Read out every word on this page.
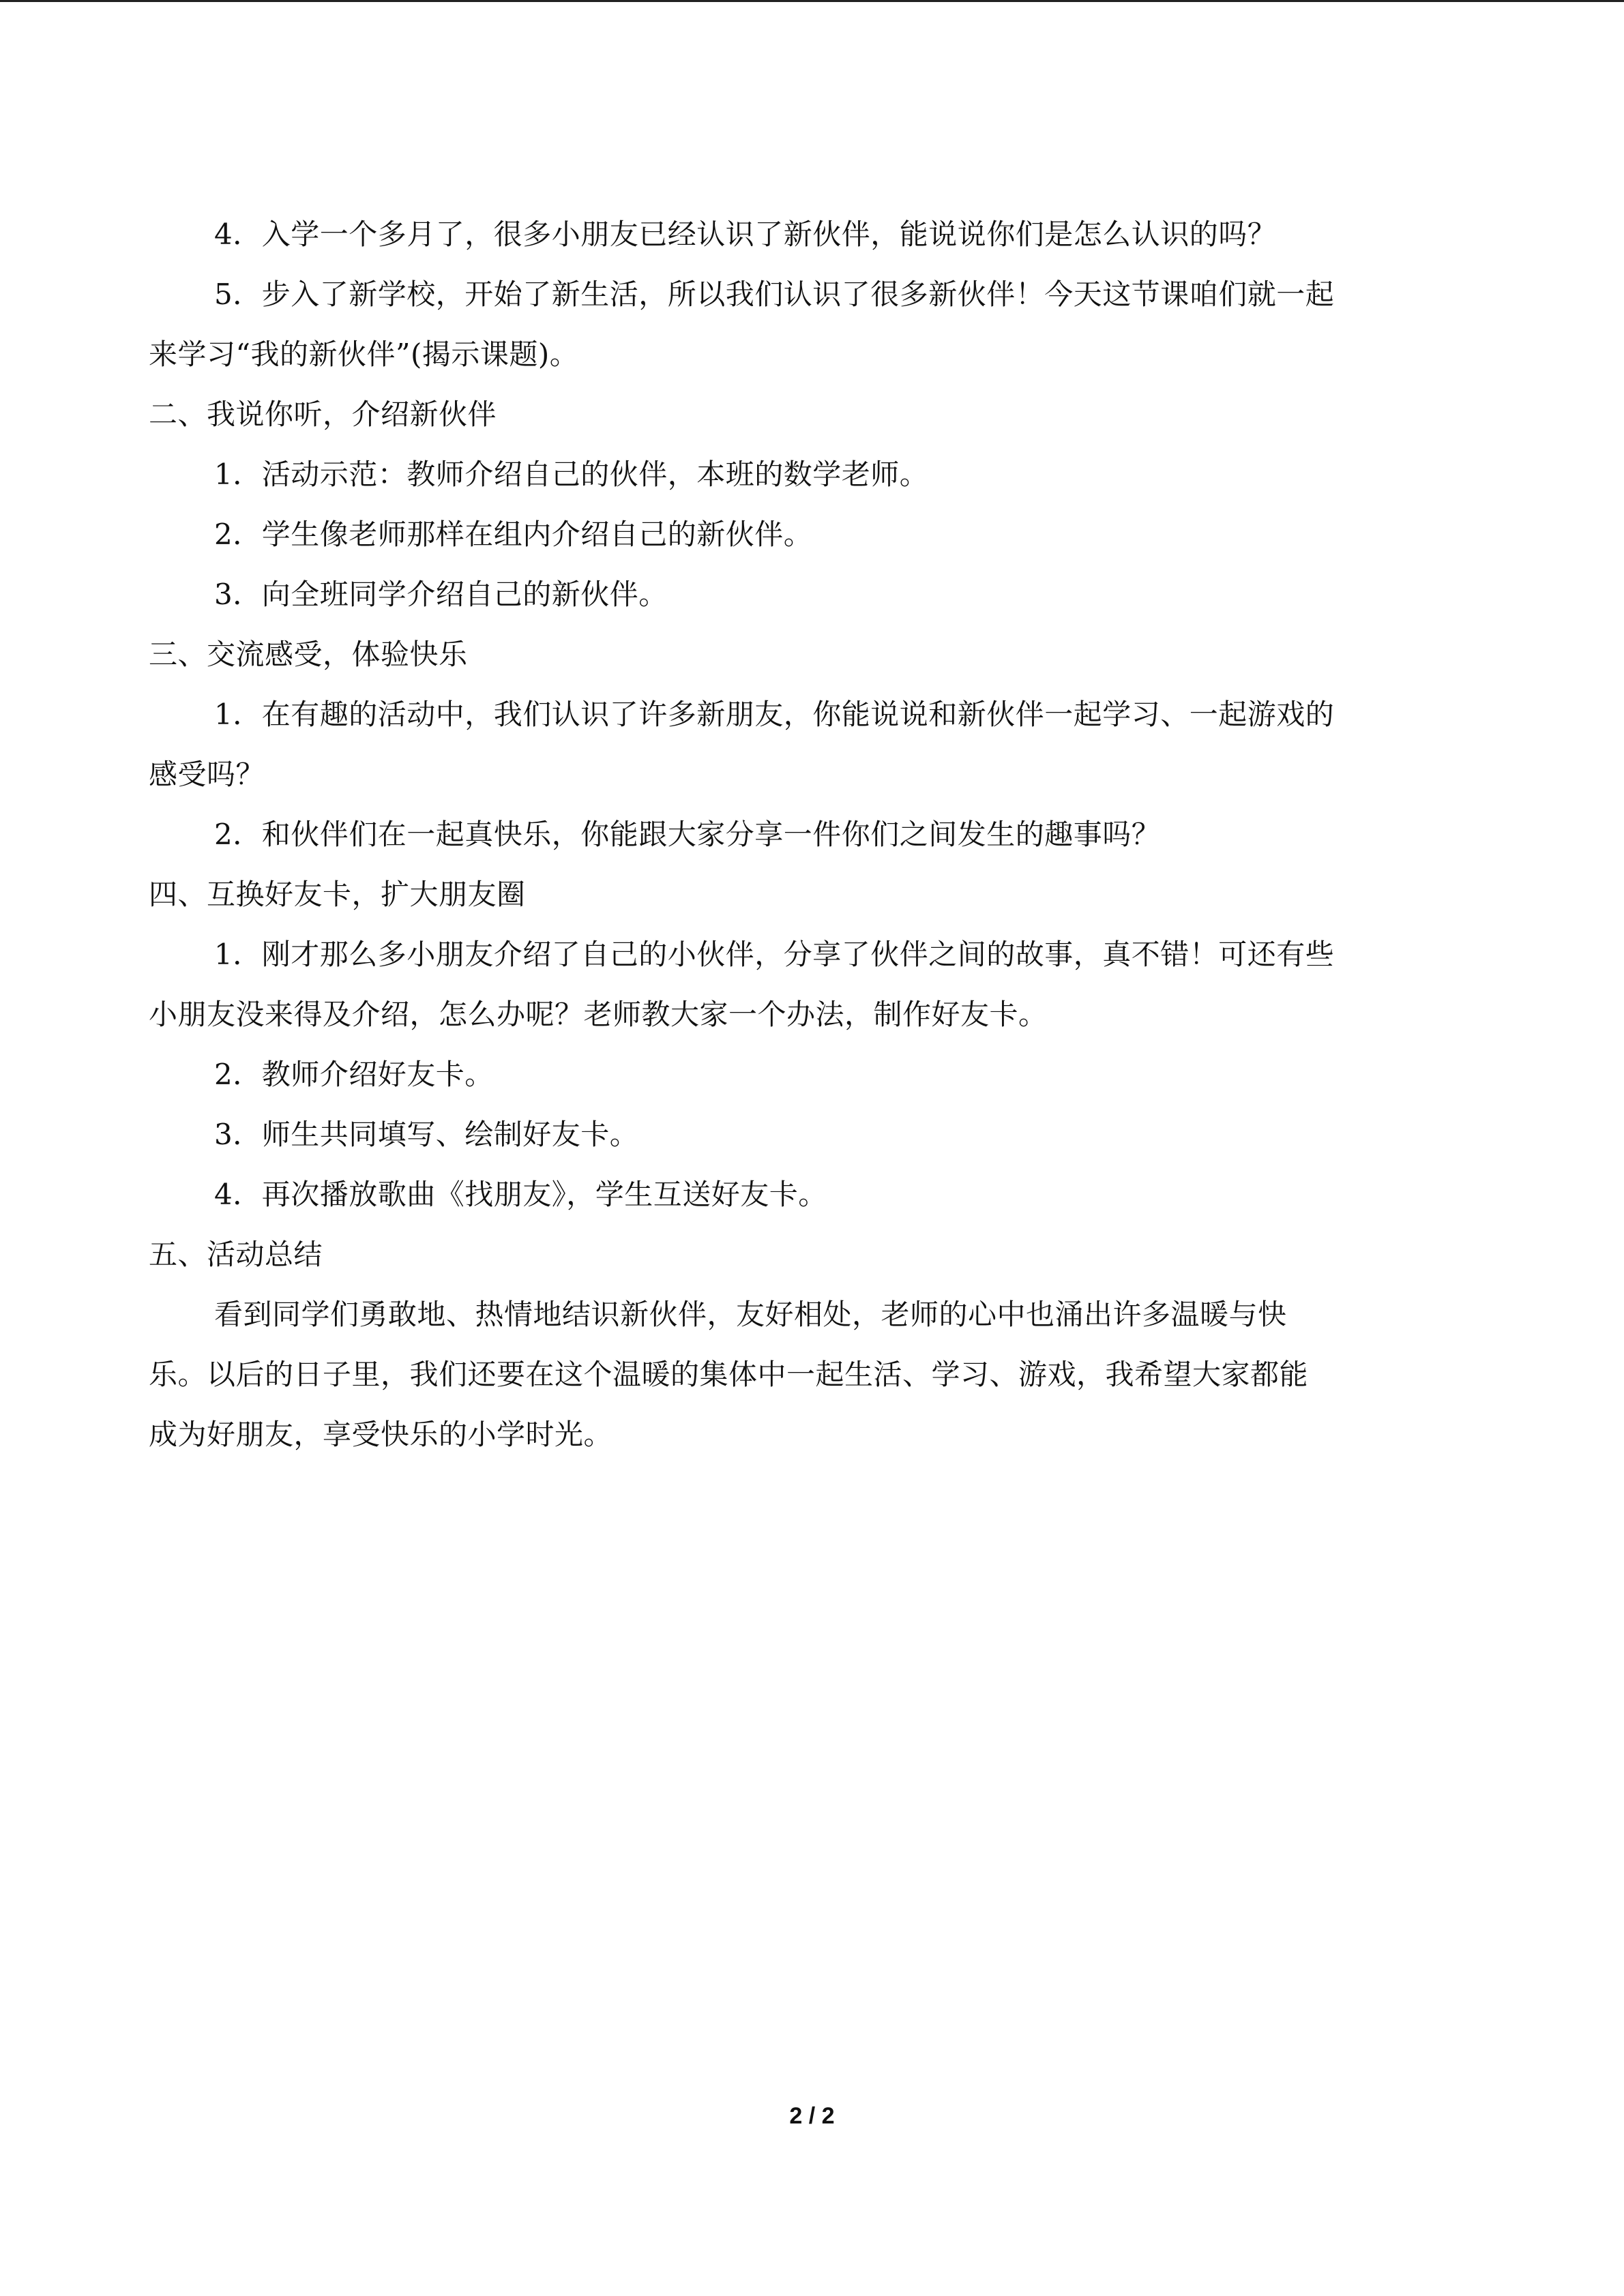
4．入学一个多月了，很多小朋友已经认识了新伙伴，能说说你们是怎么认识的吗？
5．步入了新学校，开始了新生活，所以我们认识了很多新伙伴！今天这节课咱们就一起
来学习“我的新伙伴”(揭示课题)。
二、我说你听，介绍新伙伴
1．活动示范：教师介绍自己的伙伴，本班的数学老师。
2．学生像老师那样在组内介绍自己的新伙伴。
3．向全班同学介绍自己的新伙伴。
三、交流感受，体验快乐
1．在有趣的活动中，我们认识了许多新朋友，你能说说和新伙伴一起学习、一起游戏的
感受吗？
2．和伙伴们在一起真快乐，你能跟大家分享一件你们之间发生的趣事吗？
四、互换好友卡，扩大朋友圈
1．刚才那么多小朋友介绍了自己的小伙伴，分享了伙伴之间的故事，真不错！可还有些
小朋友没来得及介绍，怎么办呢？老师教大家一个办法，制作好友卡。
2．教师介绍好友卡。
3．师生共同填写、绘制好友卡。
4．再次播放歌曲《找朋友》，学生互送好友卡。
五、活动总结
看到同学们勇敢地、热情地结识新伙伴，友好相处，老师的心中也涌出许多温暖与快
乐。以后的日子里，我们还要在这个温暖的集体中一起生活、学习、游戏，我希望大家都能
成为好朋友，享受快乐的小学时光。
2 / 2
